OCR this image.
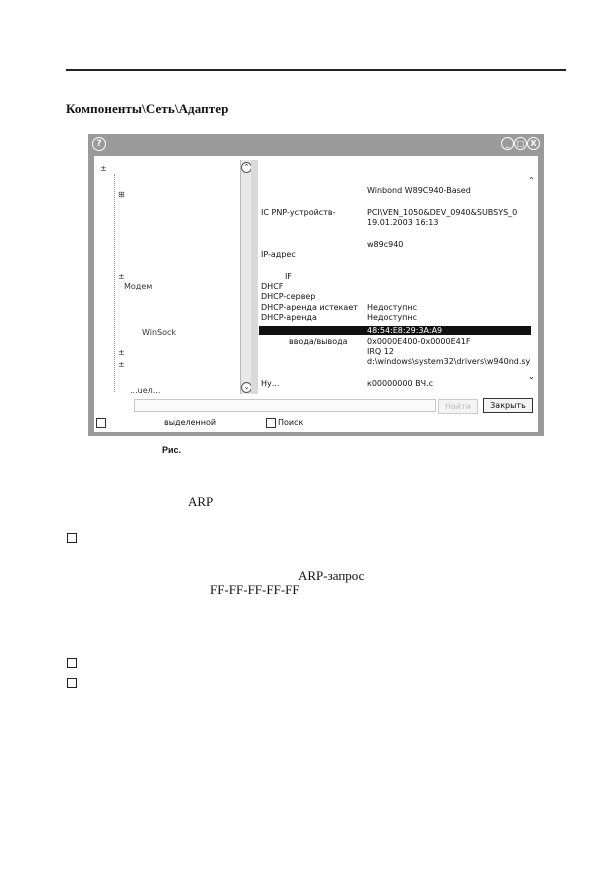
Компоненты\Сеть\Адаптер
?	_ □ X
±
⊞
±
Модем
WinSock
±
±
...ueл...
⌃
⌄
Winbond W89C940-Based
IC PNP-устройств-	PCI\VEN_1050&DEV_0940&SUBSYS_0
19.01.2003 16:13
w89c940
IP-адрес
IF
DHCF
DHCP-сервер
DHCP-аренда истекает Недоступнс
DHCP-аренда	Недоступнс
48:54:E8:29:3A:A9
ввода/вывода 0x0000E400-0x0000E41F
IRQ 12
d:\windows\system32\drivers\w940nd.sy
Ну...	к00000000 ВЧ.с
⌃
⌄
Найти	Закрыть
выделенной	Поиск
Рис.
ARP
ARP-запрос
FF-FF-FF-FF-FF
